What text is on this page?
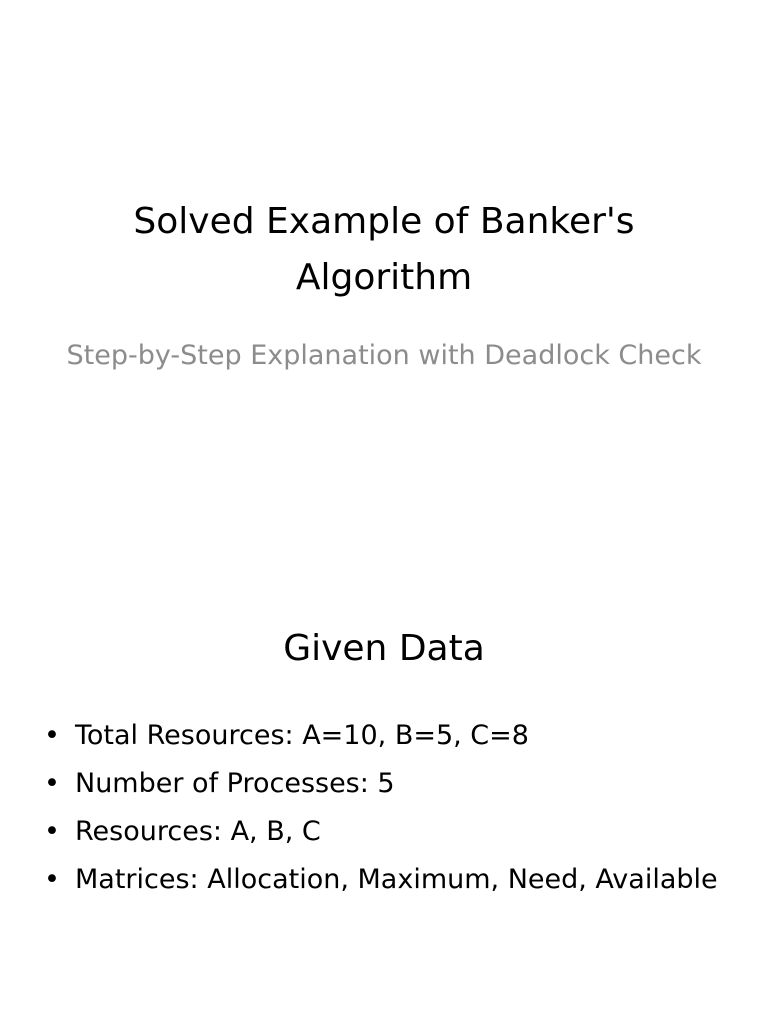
Solved Example of Banker's Algorithm

Step-by-Step Explanation with Deadlock Check

Given Data
• Total Resources: A=10, B=5, C=8
• Number of Processes: 5
• Resources: A, B, C
• Matrices: Allocation, Maximum, Need, Available
